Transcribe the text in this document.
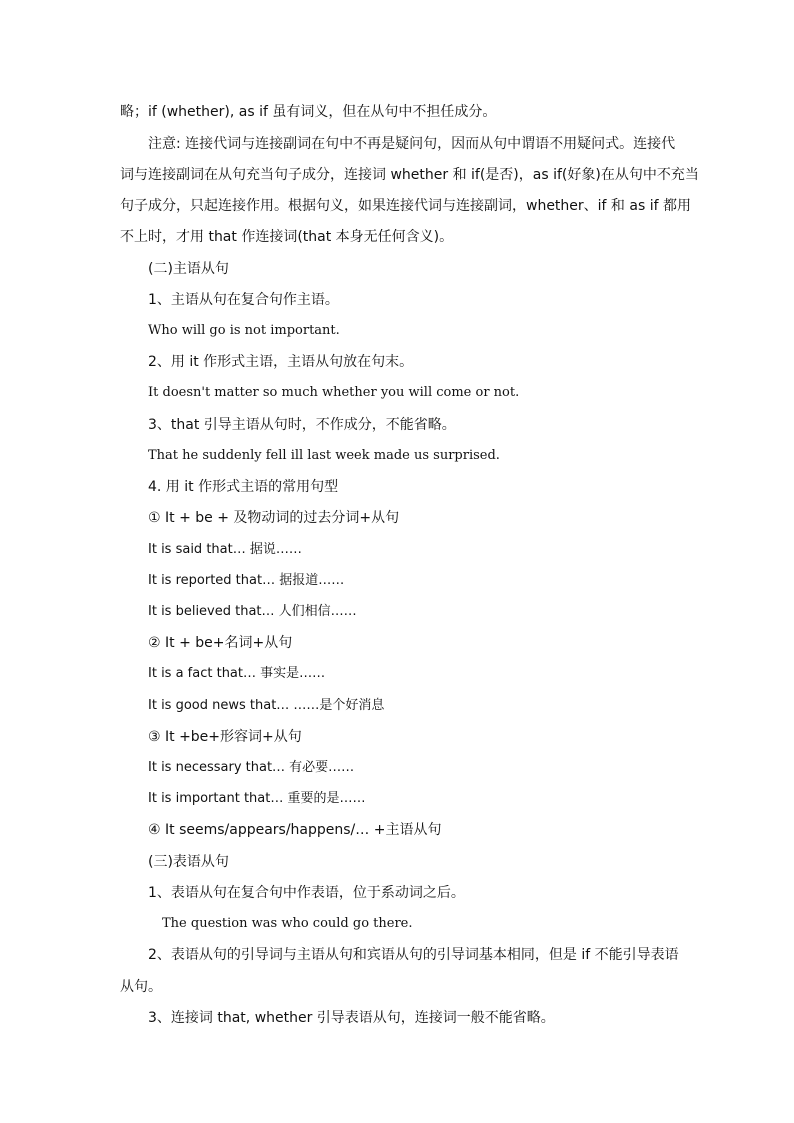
略；if (whether), as if 虽有词义，但在从句中不担任成分。
注意: 连接代词与连接副词在句中不再是疑问句，因而从句中谓语不用疑问式。连接代
词与连接副词在从句充当句子成分，连接词 whether 和 if(是否)，as if(好象)在从句中不充当
句子成分，只起连接作用。根据句义，如果连接代词与连接副词，whether、if 和 as if 都用
不上时，才用 that 作连接词(that 本身无任何含义)。
(二)主语从句
1、主语从句在复合句作主语。
Who will go is not important.
2、用 it 作形式主语，主语从句放在句末。
It doesn't matter so much whether you will come or not.
3、that 引导主语从句时，不作成分，不能省略。
That he suddenly fell ill last week made us surprised.
4. 用 it 作形式主语的常用句型
① It + be + 及物动词的过去分词+从句
It is said that… 据说……
It is reported that… 据报道……
It is believed that… 人们相信……
② It + be+名词+从句
It is a fact that… 事实是……
It is good news that… ……是个好消息
③ It +be+形容词+从句
It is necessary that… 有必要……
It is important that… 重要的是……
④ It seems/appears/happens/… +主语从句
(三)表语从句
1、表语从句在复合句中作表语，位于系动词之后。
The question was who could go there.
2、表语从句的引导词与主语从句和宾语从句的引导词基本相同，但是 if 不能引导表语
从句。
3、连接词 that, whether 引导表语从句，连接词一般不能省略。
